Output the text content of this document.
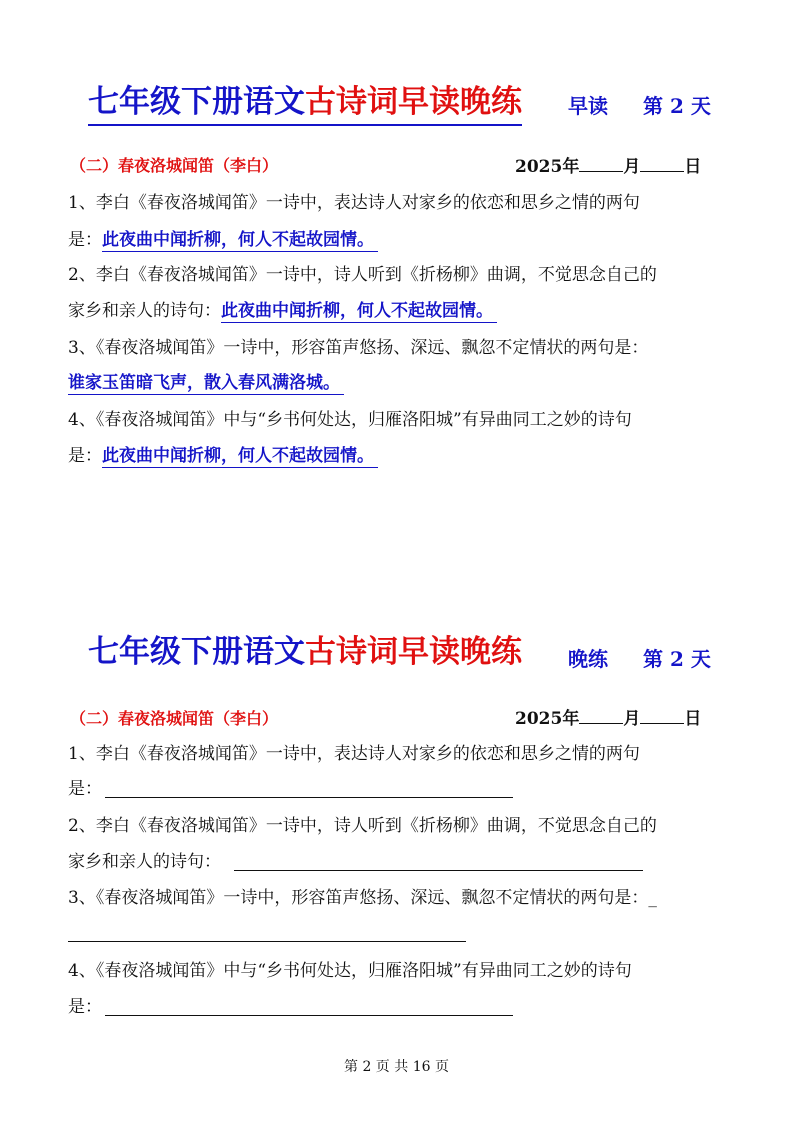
七年级下册语文古诗词早读晚练 早读 第 2 天
（二）春夜洛城闻笛（李白）	2025年	月	日
1、李白《春夜洛城闻笛》一诗中，表达诗人对家乡的依恋和思乡之情的两句
是：此夜曲中闻折柳，何人不起故园情。
2、李白《春夜洛城闻笛》一诗中，诗人听到《折杨柳》曲调，不觉思念自己的
家乡和亲人的诗句：此夜曲中闻折柳，何人不起故园情。
3、《春夜洛城闻笛》一诗中，形容笛声悠扬、深远、飘忽不定情状的两句是：
谁家玉笛暗飞声，散入春风满洛城。
4、《春夜洛城闻笛》中与“乡书何处达，归雁洛阳城”有异曲同工之妙的诗句
是：此夜曲中闻折柳，何人不起故园情。
七年级下册语文古诗词早读晚练 晚练 第 2 天
（二）春夜洛城闻笛（李白）	2025年	月	日
1、李白《春夜洛城闻笛》一诗中，表达诗人对家乡的依恋和思乡之情的两句
是：
2、李白《春夜洛城闻笛》一诗中，诗人听到《折杨柳》曲调，不觉思念自己的
家乡和亲人的诗句：
3、《春夜洛城闻笛》一诗中，形容笛声悠扬、深远、飘忽不定情状的两句是：_
4、《春夜洛城闻笛》中与“乡书何处达，归雁洛阳城”有异曲同工之妙的诗句
是：
第 2 页 共 16 页
